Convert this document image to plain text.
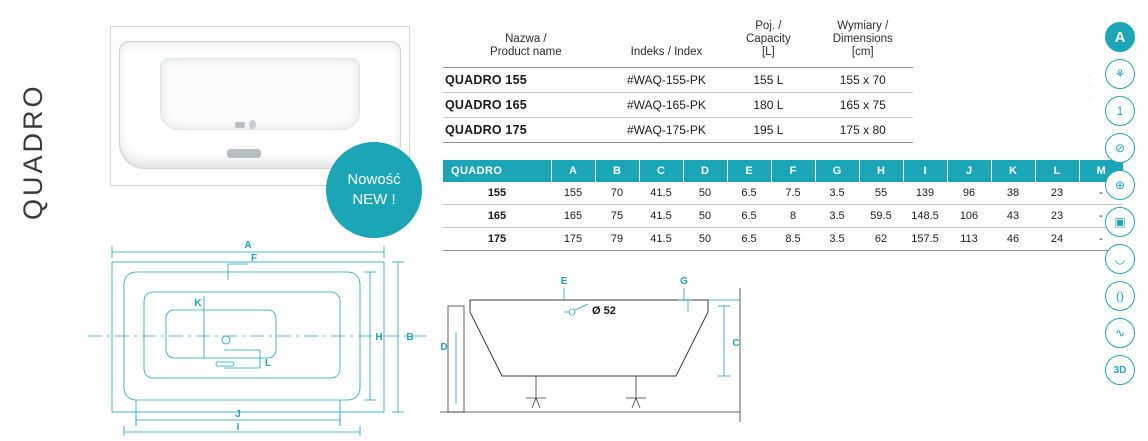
QUADRO	Nowość
NEW !
Nazwa /
Product name	Indeks / Index

Poj. /
Capacity
[L]

Wymiary /
Dimensions
[cm]

QUADRO 155	#WAQ-155-PK	155 L	155 x 70
QUADRO 165	#WAQ-165-PK	180 L	165 x 75
QUADRO 175	#WAQ-175-PK	195 L	175 x 80
QUADRO	A	B	C	D	E	F	G	H	I	J	K	L	M
155	155	70	41.5	50	6.5	7.5	3.5	55	139	96	38	23	-
165	165	75	41.5	50	6.5	8	3.5	59.5	148.5	106	43	23	-
175	175	79	41.5	50	6.5	8.5	3.5	62	157.5	113	46	24	-
A
F
K
L
H B
J
I
E	G
D	C
Ø 52
·
·
·
A
⚘
1
⊘
⊕
▣
◡
()
∿
3D
